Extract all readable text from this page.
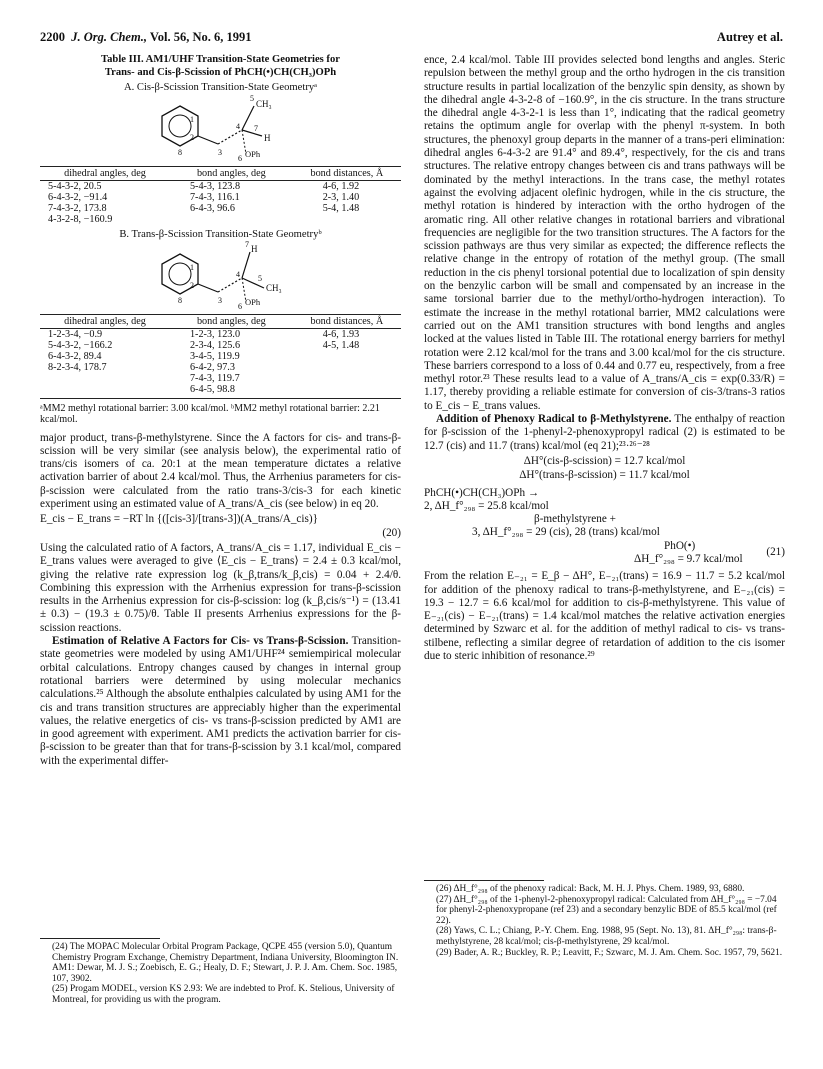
2200 J. Org. Chem., Vol. 56, No. 6, 1991	Autrey et al.
Table III. AM1/UHF Transition-State Geometries for
Trans- and Cis-β-Scission of PhCH(•)CH(CH₃)OPh
A. Cis-β-Scission Transition-State Geometryᵃ
1
2
3
4
5
CH₃
7
H
8
6 OPh
dihedral angles, deg	bond angles, deg	bond distances, Å
5-4-3-2, 20.5	5-4-3, 123.8	4-6, 1.92
6-4-3-2, −91.4	7-4-3, 116.1	2-3, 1.40
7-4-3-2, 173.8	6-4-3, 96.6	5-4, 1.48
4-3-2-8, −160.9		
B. Trans-β-Scission Transition-State Geometryᵇ
1
2
3
4
7 H
5
CH₃
8
6 OPh
dihedral angles, deg	bond angles, deg	bond distances, Å
1-2-3-4, −0.9	1-2-3, 123.0	4-6, 1.93
5-4-3-2, −166.2	2-3-4, 125.6	4-5, 1.48
6-4-3-2, 89.4	3-4-5, 119.9	
8-2-3-4, 178.7	6-4-2, 97.3	
	7-4-3, 119.7	
	6-4-5, 98.8	
ᵃMM2 methyl rotational barrier: 3.00 kcal/mol. ᵇMM2 methyl rotational barrier: 2.21 kcal/mol.

major product, trans-β-methylstyrene. Since the A factors for cis- and trans-β-scission will be very similar (see analysis below), the experimental ratio of trans/cis isomers of ca. 20:1 at the mean temperature dictates a relative activation barrier of about 2.4 kcal/mol. Thus, the Arrhenius parameters for cis-β-scission were calculated from the ratio trans-3/cis-3 for each kinetic experiment using an estimated value of A_trans/A_cis (see below) in eq 20.

E_cis − E_trans = −RT ln {([cis-3]/[trans-3])(A_trans/A_cis)}
(20)

Using the calculated ratio of A factors, A_trans/A_cis = 1.17, individual E_cis − E_trans values were averaged to give ⟨E_cis − E_trans⟩ = 2.4 ± 0.3 kcal/mol, giving the relative rate expression log (k_β,trans/k_β,cis) = 0.04 + 2.4/θ. Combining this expression with the Arrhenius expression for trans-β-scission results in the Arrhenius expression for cis-β-scission: log (k_β,cis/s⁻¹) = (13.41 ± 0.3) − (19.3 ± 0.75)/θ. Table II presents Arrhenius expressions for the β-scission reactions.

Estimation of Relative A Factors for Cis- vs Trans-β-Scission. Transition-state geometries were modeled by using AM1/UHF²⁴ semiempirical molecular orbital calculations. Entropy changes caused by changes in internal group rotational barriers were determined by using molecular mechanics calculations.²⁵ Although the absolute enthalpies calculated by using AM1 for the cis and trans transition structures are appreciably higher than the experimental values, the relative energetics of cis- vs trans-β-scission predicted by AM1 are in good agreement with experiment. AM1 predicts the activation barrier for cis-β-scission to be greater than that for trans-β-scission by 3.1 kcal/mol, compared with the experimental differ-

(24) The MOPAC Molecular Orbital Program Package, QCPE 455 (version 5.0), Quantum Chemistry Program Exchange, Chemistry Department, Indiana University, Bloomington IN. AM1: Dewar, M. J. S.; Zoebisch, E. G.; Healy, D. F.; Stewart, J. P. J. Am. Chem. Soc. 1985, 107, 3902.

(25) Progam MODEL, version KS 2.93: We are indebted to Prof. K. Stelious, University of Montreal, for providing us with the program.

ence, 2.4 kcal/mol. Table III provides selected bond lengths and angles. Steric repulsion between the methyl group and the ortho hydrogen in the cis transition structure results in partial localization of the benzylic spin density, as shown by the dihedral angle 4-3-2-8 of −160.9°, in the cis structure. In the trans structure the dihedral angle 4-3-2-1 is less than 1°, indicating that the radical geometry retains the optimum angle for overlap with the phenyl π-system. In both structures, the phenoxyl group departs in the manner of a trans-peri elimination: dihedral angles 6-4-3-2 are 91.4° and 89.4°, respectively, for the cis and trans structures. The relative entropy changes between cis and trans pathways will be dominated by the methyl interactions. In the trans case, the methyl rotates against the evolving adjacent olefinic hydrogen, while in the cis structure, the methyl rotation is hindered by interaction with the ortho hydrogen of the aromatic ring. All other relative changes in rotational barriers and vibrational frequencies are negligible for the two transition structures. The A factors for the scission pathways are thus very similar as expected; the difference reflects the relative change in the entropy of rotation of the methyl group. (The small reduction in the cis phenyl torsional potential due to localization of spin density on the benzylic carbon will be small and compensated by an increase in the same torsional barrier due to the methyl/ortho-hydrogen interaction). To estimate the increase in the methyl rotational barrier, MM2 calculations were carried out on the AM1 transition structures with bond lengths and angles locked at the values listed in Table III. The rotational energy barriers for methyl rotation were 2.12 kcal/mol for the trans and 3.00 kcal/mol for the cis structure. These barriers correspond to a loss of 0.44 and 0.77 eu, respectively, from a free methyl rotor.²³ These results lead to a value of A_trans/A_cis = exp(0.33/R) = 1.17, thereby providing a reliable estimate for conversion of cis-3/trans-3 ratios to E_cis − E_trans values.

Addition of Phenoxy Radical to β-Methylstyrene. The enthalpy of reaction for β-scission of the 1-phenyl-2-phenoxypropyl radical (2) is estimated to be 12.7 (cis) and 11.7 (trans) kcal/mol (eq 21);²³·²⁶⁻²⁸

ΔH°(cis-β-scission) = 12.7 kcal/mol
ΔH°(trans-β-scission) = 11.7 kcal/mol
PhCH(•)CH(CH₃)OPh →
2, ΔH_f°₂₉₈ = 25.8 kcal/mol
β-methylstyrene +
3, ΔH_f°₂₉₈ = 29 (cis), 28 (trans) kcal/mol
PhO(•)	(21)
ΔH_f°₂₉₈ = 9.7 kcal/mol

From the relation E₋₂₁ = E_β − ΔH°, E₋₂₁(trans) = 16.9 − 11.7 = 5.2 kcal/mol for addition of the phenoxy radical to trans-β-methylstyrene, and E₋₂₁(cis) = 19.3 − 12.7 = 6.6 kcal/mol for addition to cis-β-methylstyrene. This value of E₋₂₁(cis) − E₋₂₁(trans) = 1.4 kcal/mol matches the relative activation energies determined by Szwarc et al. for the addition of methyl radical to cis- vs trans-stilbene, reflecting a similar degree of retardation of addition to the cis isomer due to steric inhibition of resonance.²⁹

(26) ΔH_f°₂₉₈ of the phenoxy radical: Back, M. H. J. Phys. Chem. 1989, 93, 6880.

(27) ΔH_f°₂₉₈ of the 1-phenyl-2-phenoxypropyl radical: Calculated from ΔH_f°₂₉₈ = −7.04 for phenyl-2-phenoxypropane (ref 23) and a secondary benzylic BDE of 85.5 kcal/mol (ref 22).

(28) Yaws, C. L.; Chiang, P.-Y. Chem. Eng. 1988, 95 (Sept. No. 13), 81. ΔH_f°₂₉₈: trans-β-methylstyrene, 28 kcal/mol; cis-β-methylstyrene, 29 kcal/mol.

(29) Bader, A. R.; Buckley, R. P.; Leavitt, F.; Szwarc, M. J. Am. Chem. Soc. 1957, 79, 5621.
